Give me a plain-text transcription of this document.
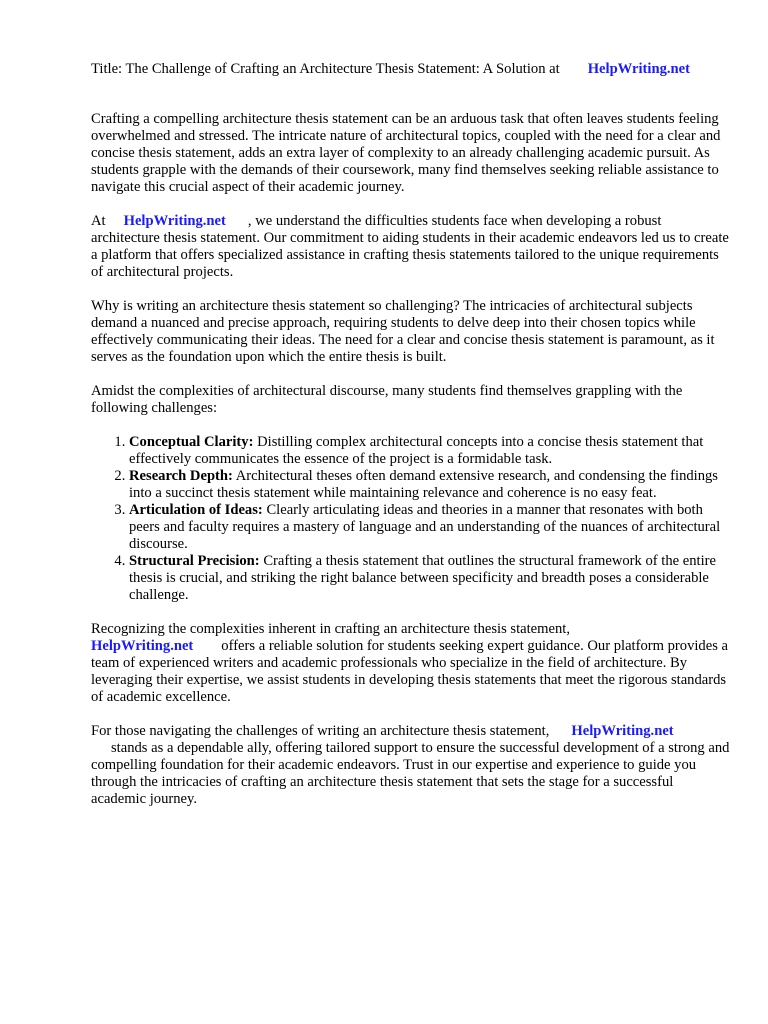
Title: The Challenge of Crafting an Architecture Thesis Statement: A Solution at HelpWriting.net

Crafting a compelling architecture thesis statement can be an arduous task that often leaves students feeling overwhelmed and stressed. The intricate nature of architectural topics, coupled with the need for a clear and concise thesis statement, adds an extra layer of complexity to an already challenging academic pursuit. As students grapple with the demands of their coursework, many find themselves seeking reliable assistance to navigate this crucial aspect of their academic journey.

At HelpWriting.net , we understand the difficulties students face when developing a robust architecture thesis statement. Our commitment to aiding students in their academic endeavors led us to create a platform that offers specialized assistance in crafting thesis statements tailored to the unique requirements of architectural projects.

Why is writing an architecture thesis statement so challenging? The intricacies of architectural subjects demand a nuanced and precise approach, requiring students to delve deep into their chosen topics while effectively communicating their ideas. The need for a clear and concise thesis statement is paramount, as it serves as the foundation upon which the entire thesis is built.

Amidst the complexities of architectural discourse, many students find themselves grappling with the following challenges:

1. Conceptual Clarity: Distilling complex architectural concepts into a concise thesis statement that effectively communicates the essence of the project is a formidable task.
2. Research Depth: Architectural theses often demand extensive research, and condensing the findings into a succinct thesis statement while maintaining relevance and coherence is no easy feat.
3. Articulation of Ideas: Clearly articulating ideas and theories in a manner that resonates with both peers and faculty requires a mastery of language and an understanding of the nuances of architectural discourse.
4. Structural Precision: Crafting a thesis statement that outlines the structural framework of the entire thesis is crucial, and striking the right balance between specificity and breadth poses a considerable challenge.

Recognizing the complexities inherent in crafting an architecture thesis statement,
HelpWriting.net offers a reliable solution for students seeking expert guidance. Our platform provides a team of experienced writers and academic professionals who specialize in the field of architecture. By leveraging their expertise, we assist students in developing thesis statements that meet the rigorous standards of academic excellence.

For those navigating the challenges of writing an architecture thesis statement, HelpWriting.net
stands as a dependable ally, offering tailored support to ensure the successful development of a strong and compelling foundation for their academic endeavors. Trust in our expertise and experience to guide you through the intricacies of crafting an architecture thesis statement that sets the stage for a successful academic journey.
